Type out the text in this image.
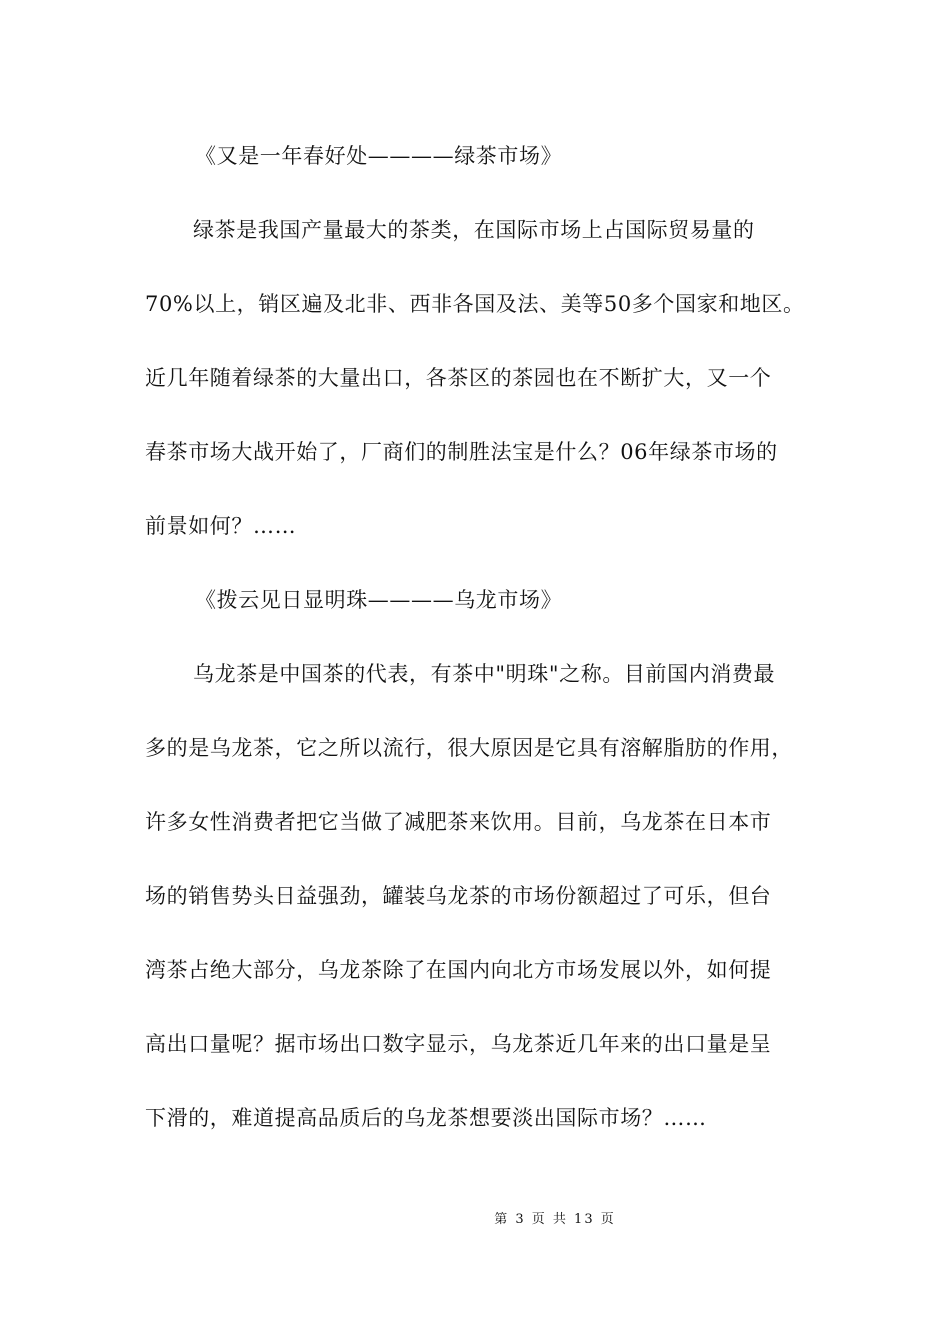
《又是一年春好处————绿茶市场》
绿茶是我国产量最大的茶类，在国际市场上占国际贸易量的
70%以上，销区遍及北非、西非各国及法、美等50多个国家和地区。
近几年随着绿茶的大量出口，各茶区的茶园也在不断扩大，又一个
春茶市场大战开始了，厂商们的制胜法宝是什么？06年绿茶市场的
前景如何？……
《拨云见日显明珠————乌龙市场》
乌龙茶是中国茶的代表，有茶中"明珠"之称。目前国内消费最
多的是乌龙茶，它之所以流行，很大原因是它具有溶解脂肪的作用，
许多女性消费者把它当做了减肥茶来饮用。目前，乌龙茶在日本市
场的销售势头日益强劲，罐装乌龙茶的市场份额超过了可乐，但台
湾茶占绝大部分，乌龙茶除了在国内向北方市场发展以外，如何提
高出口量呢？据市场出口数字显示，乌龙茶近几年来的出口量是呈
下滑的，难道提高品质后的乌龙茶想要淡出国际市场？……
第 3 页 共 13 页
